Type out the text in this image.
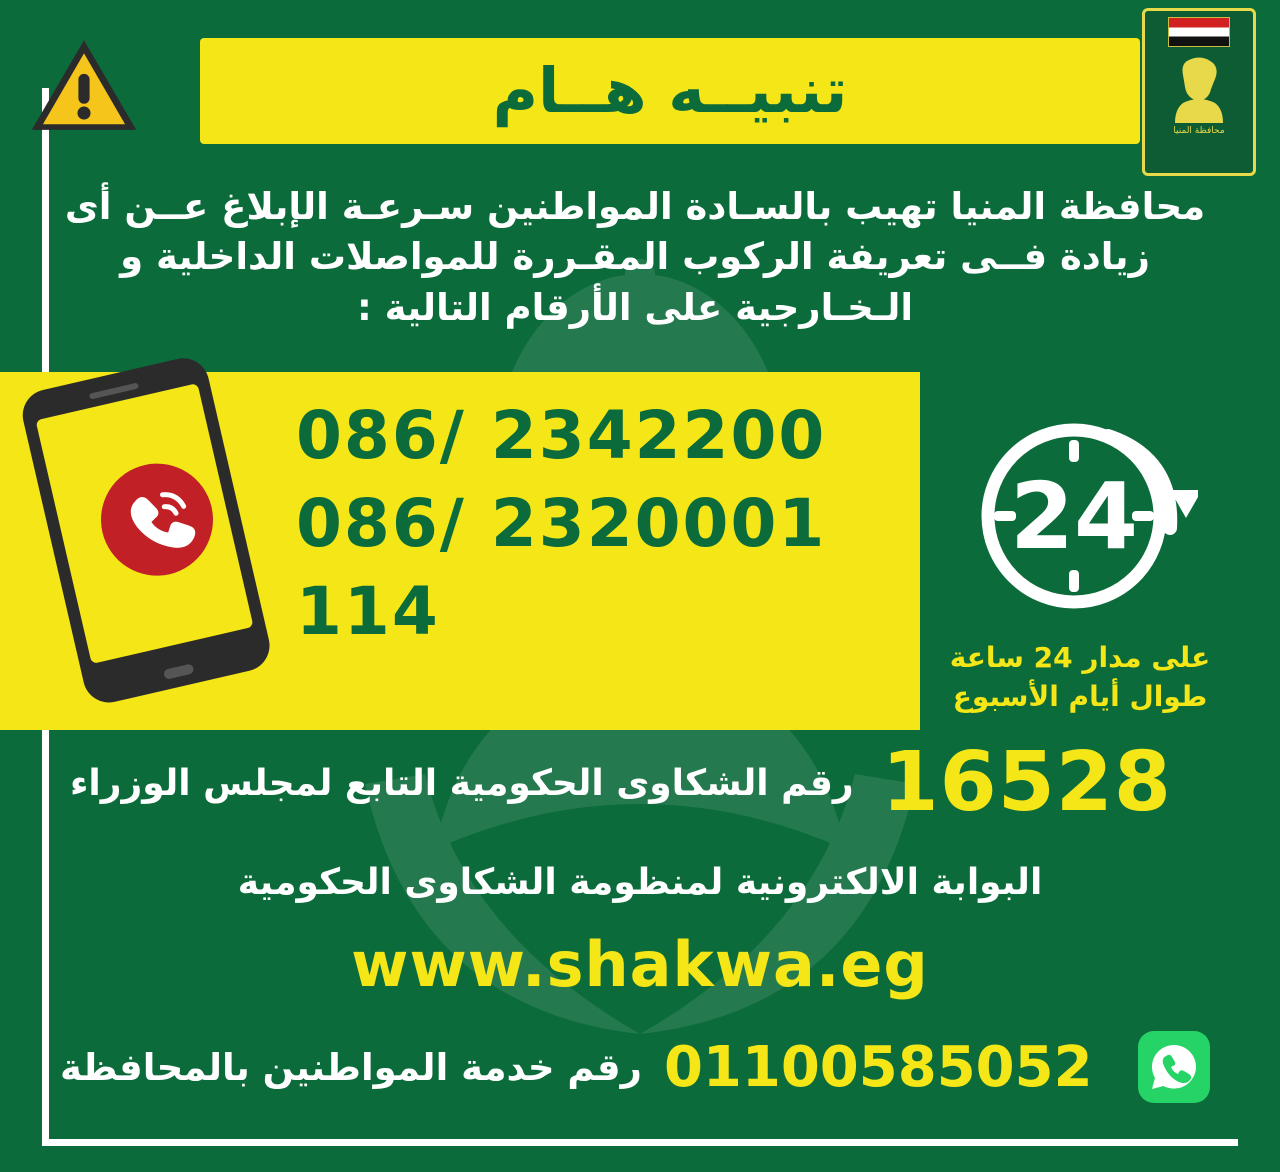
تنبيــه هــام
محافظة المنيا
محافظة المنيا تهيب بالسـادة المواطنين سـرعـة الإبلاغ عــن أى زيادة فــى تعريفة الركوب المقـررة للمواصلات الداخلية و الـخـارجية على الأرقام التالية :
086/ 2342200
086/ 2320001
114
24
على مدار 24 ساعة
طوال أيام الأسبوع
رقم الشكاوى الحكومية التابع لمجلس الوزراء 16528
البوابة الالكترونية لمنظومة الشكاوى الحكومية
www.shakwa.eg
رقم خدمة المواطنين بالمحافظة 01100585052
